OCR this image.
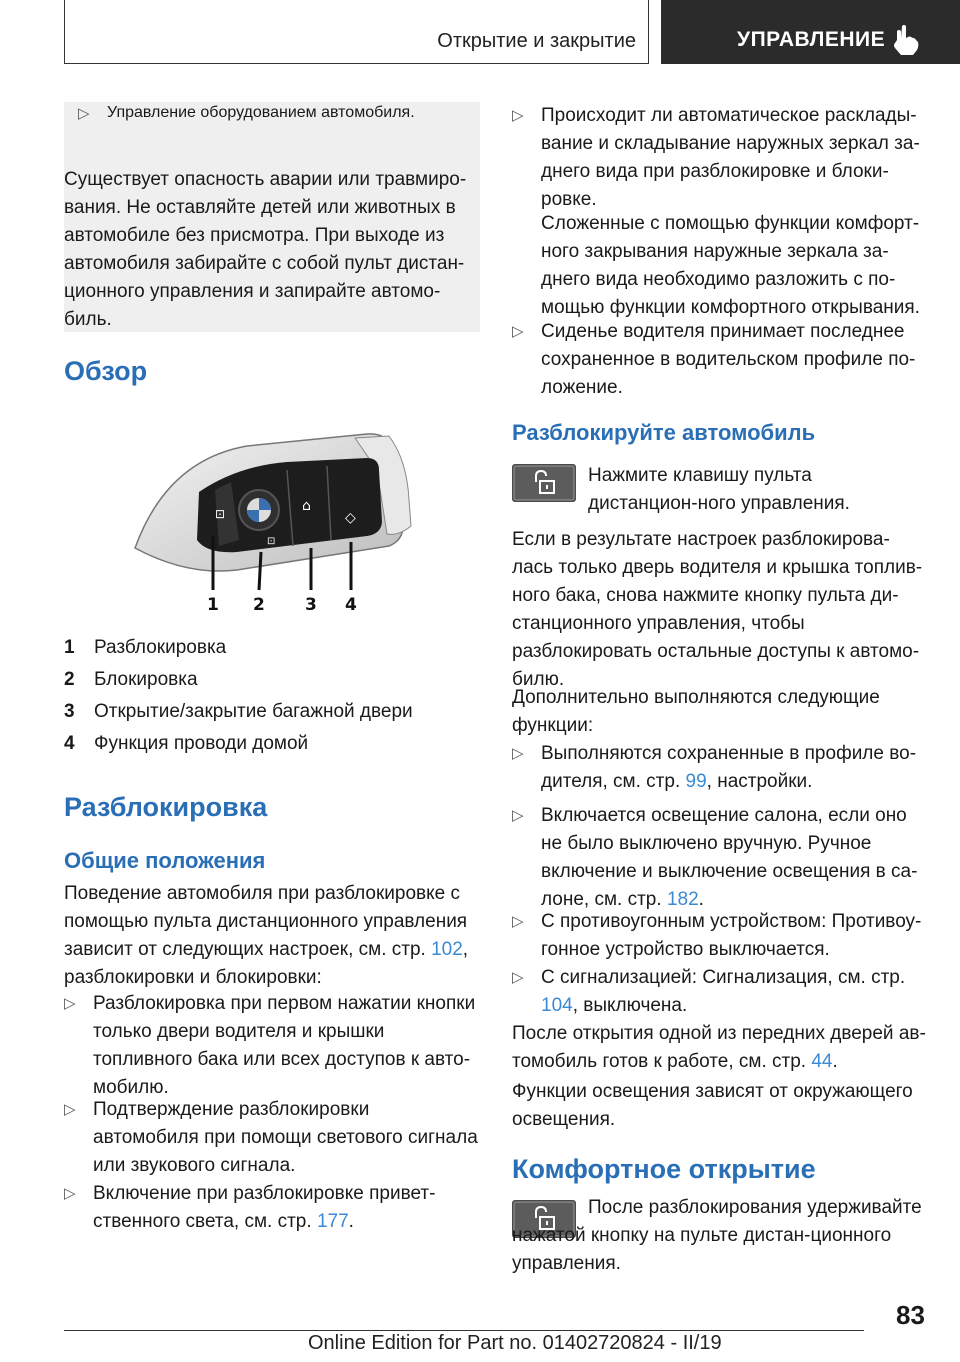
Открытие и закрытие	УПРАВЛЕНИЕ
▷ Управление оборудованием автомобиля.
Существует опасность аварии или травмиро-вания. Не оставляйте детей или животных в автомобиле без присмотра. При выходе из автомобиля забирайте с собой пульт дистан-ционного управления и запирайте автомо-биль.
Обзор
⊡
⊡
⌂
◇
1 2 3 4
1 Разблокировка
2 Блокировка
3 Открытие/закрытие багажной двери
4 Функция проводи домой
Разблокировка
Общие положения
Поведение автомобиля при разблокировке с помощью пульта дистанционного управления зависит от следующих настроек, см. стр. 102, разблокировки и блокировки:
▷ Разблокировка при первом нажатии кнопки только двери водителя и крышки топливного бака или всех доступов к авто-мобилю.
▷ Подтверждение разблокировки автомобиля при помощи светового сигнала или звукового сигнала.
▷ Включение при разблокировке привет-ственного света, см. стр. 177.
▷ Происходит ли автоматическое расклады-вание и складывание наружных зеркал за-днего вида при разблокировке и блоки-ровке.
Сложенные с помощью функции комфорт-ного закрывания наружные зеркала за-днего вида необходимо разложить с по-мощью функции комфортного открывания.
▷ Сиденье водителя принимает последнее сохраненное в водительском профиле по-ложение.
Разблокируйте автомобиль
Нажмите клавишу пульта дистанцион-ного управления.
Если в результате настроек разблокирова-лась только дверь водителя и крышка топлив-ного бака, снова нажмите кнопку пульта ди-станционного управления, чтобы разблокировать остальные доступы к автомо-билю.
Дополнительно выполняются следующие функции:
▷ Выполняются сохраненные в профиле во-дителя, см. стр. 99, настройки.
▷ Включается освещение салона, если оно не было выключено вручную. Ручное включение и выключение освещения в са-лоне, см. стр. 182.
▷ С противоугонным устройством: Противоу-гонное устройство выключается.
▷ С сигнализацией: Сигнализация, см. стр. 104, выключена.
После открытия одной из передних дверей ав-томобиль готов к работе, см. стр. 44.
Функции освещения зависят от окружающего освещения.
Комфортное открытие
После разблокирования удерживайте нажатой кнопку на пульте дистан-ционного управления.
83
Online Edition for Part no. 01402720824 - II/19
